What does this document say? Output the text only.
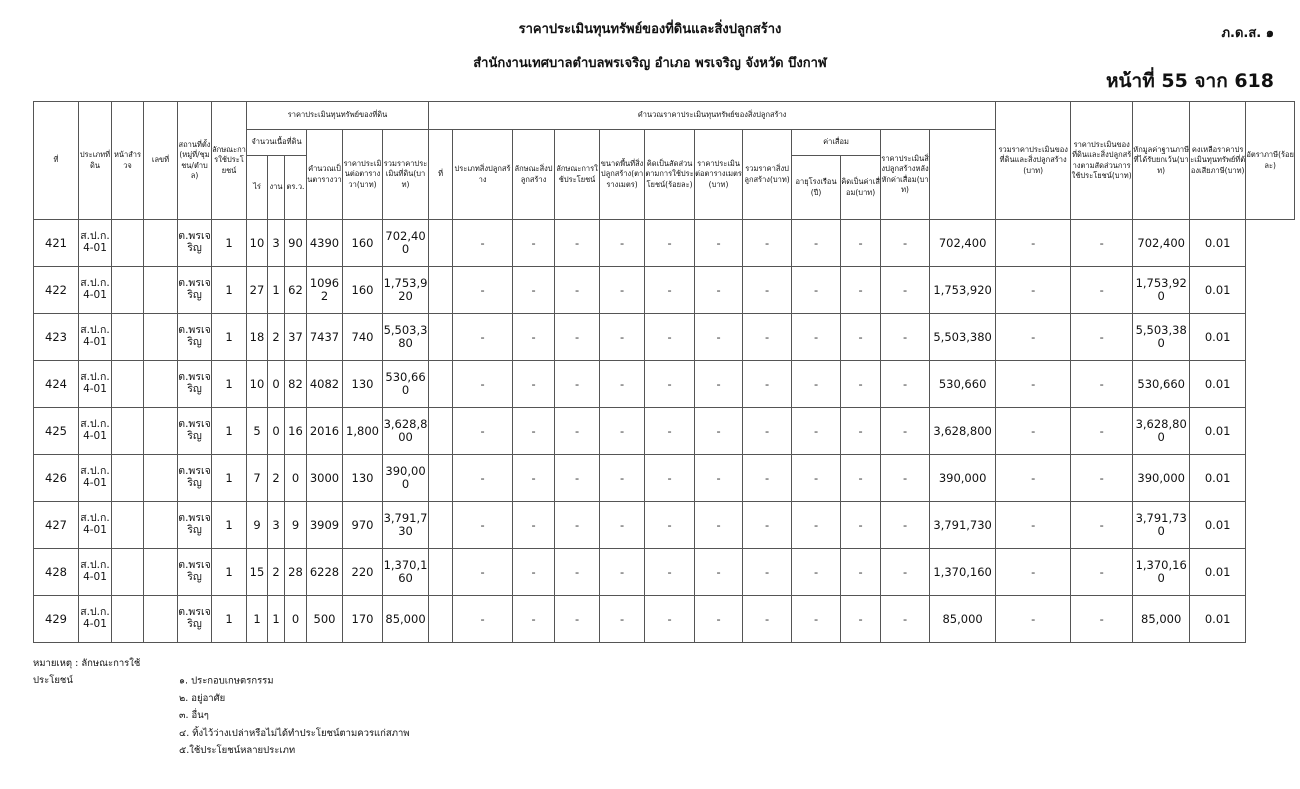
ราคาประเมินทุนทรัพย์ของที่ดินและสิ่งปลูกสร้าง
สำนักงานเทศบาลตำบลพรเจริญ อำเภอ พรเจริญ จังหวัด บึงกาฬ
ภ.ด.ส. ๑
หน้าที่ 55 จาก 618
ที่	ประเภทที่ดิน	หน้าสำรวจ	เลขที่	สถานที่ตั้ง(หมู่ที่/ชุมชน/ตำบล)	ลักษณะการใช้ประโยชน์	ราคาประเมินทุนทรัพย์ของที่ดิน						คำนวณราคาประเมินทุนทรัพย์ของสิ่งปลูกสร้าง												รวมราคาประเมินของที่ดินและสิ่งปลูกสร้าง(บาท)	ราคาประเมินของที่ดินและสิ่งปลูกสร้างตามสัดส่วนการใช้ประโยชน์(บาท)	หักมูลค่าฐานภาษีที่ได้รับยกเว้น(บาท)	คงเหลือราคาประเมินทุนทรัพย์ที่ต้องเสียภาษี(บาท)	อัตราภาษี(ร้อยละ)
						จำนวนเนื้อที่ดิน			คำนวณเป็นตารางวา	ราคาประเมินต่อตารางวา(บาท)	รวมราคาประเมินที่ดิน(บาท)	ที่	ประเภทสิ่งปลูกสร้าง	ลักษณะสิ่งปลูกสร้าง	ลักษณะการใช้ประโยชน์	ขนาดพื้นที่สิ่งปลูกสร้าง(ตารางเมตร)	คิดเป็นสัดส่วนตามการใช้ประโยชน์(ร้อยละ)	ราคาประเมินต่อตารางเมตร(บาท)	รวมราคาสิ่งปลูกสร้าง(บาท)	ค่าเสื่อม		ราคาประเมินสิ่งปลูกสร้างหลังหักค่าเสื่อม(บาท)						
						ไร่	งาน	ตร.ว.												อายุโรงเรือน(ปี)	คิดเป็นค่าเสื่อม(บาท)							
421	ส.ป.ก.4-01			ต.พรเจริญ	1	10	3	90	4390	160	702,400		-	-	-	-	-	-	-	-	-	-	702,400	-	-	702,400	0.01	
422	ส.ป.ก.4-01			ต.พรเจริญ	1	27	1	62	10962	160	1,753,920		-	-	-	-	-	-	-	-	-	-	1,753,920	-	-	1,753,920	0.01	
423	ส.ป.ก.4-01			ต.พรเจริญ	1	18	2	37	7437	740	5,503,380		-	-	-	-	-	-	-	-	-	-	5,503,380	-	-	5,503,380	0.01	
424	ส.ป.ก.4-01			ต.พรเจริญ	1	10	0	82	4082	130	530,660		-	-	-	-	-	-	-	-	-	-	530,660	-	-	530,660	0.01	
425	ส.ป.ก.4-01			ต.พรเจริญ	1	5	0	16	2016	1,800	3,628,800		-	-	-	-	-	-	-	-	-	-	3,628,800	-	-	3,628,800	0.01	
426	ส.ป.ก.4-01			ต.พรเจริญ	1	7	2	0	3000	130	390,000		-	-	-	-	-	-	-	-	-	-	390,000	-	-	390,000	0.01	
427	ส.ป.ก.4-01			ต.พรเจริญ	1	9	3	9	3909	970	3,791,730		-	-	-	-	-	-	-	-	-	-	3,791,730	-	-	3,791,730	0.01	
428	ส.ป.ก.4-01			ต.พรเจริญ	1	15	2	28	6228	220	1,370,160		-	-	-	-	-	-	-	-	-	-	1,370,160	-	-	1,370,160	0.01	
429	ส.ป.ก.4-01			ต.พรเจริญ	1	1	1	0	500	170	85,000		-	-	-	-	-	-	-	-	-	-	85,000	-	-	85,000	0.01	
หมายเหตุ : ลักษณะการใช้ประโยชน์	๑. ประกอบเกษตรกรรม
๒. อยู่อาศัย
๓. อื่นๆ
๔. ทิ้งไว้ว่างเปล่าหรือไม่ได้ทำประโยชน์ตามควรแก่สภาพ
๕.ใช้ประโยชน์หลายประเภท
